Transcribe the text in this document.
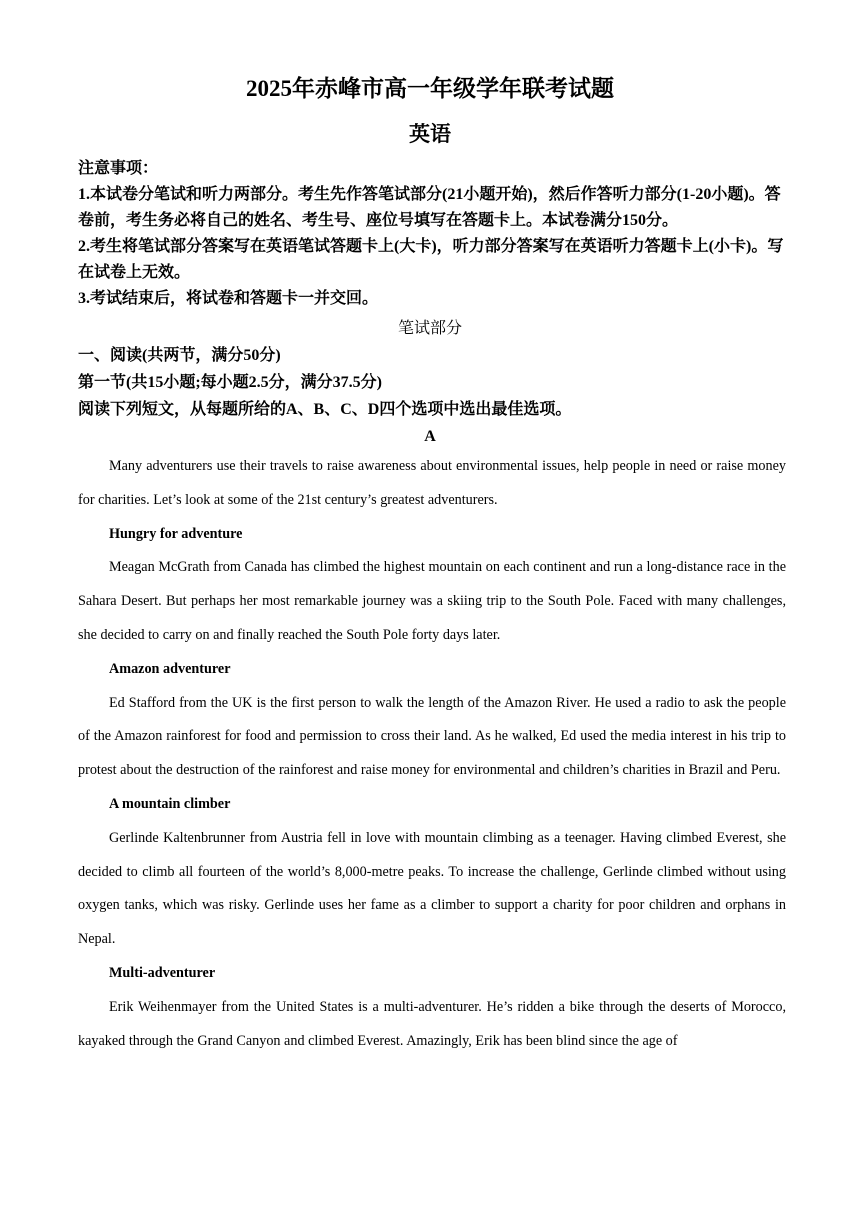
2025年赤峰市高一年级学年联考试题
英语

注意事项：

1.本试卷分笔试和听力两部分。考生先作答笔试部分(21小题开始)，然后作答听力部分(1-20小题)。答卷前，考生务必将自己的姓名、考生号、座位号填写在答题卡上。本试卷满分150分。

2.考生将笔试部分答案写在英语笔试答题卡上(大卡)，听力部分答案写在英语听力答题卡上(小卡)。写在试卷上无效。

3.考试结束后，将试卷和答题卡一并交回。

笔试部分
一、阅读(共两节，满分50分)
第一节(共15小题;每小题2.5分，满分37.5分)
阅读下列短文，从每题所给的A、B、C、D四个选项中选出最佳选项。
A

Many adventurers use their travels to raise awareness about environmental issues, help people in need or raise money for charities. Let’s look at some of the 21st century’s greatest adventurers.

Hungry for adventure

Meagan McGrath from Canada has climbed the highest mountain on each continent and run a long-distance race in the Sahara Desert. But perhaps her most remarkable journey was a skiing trip to the South Pole. Faced with many challenges, she decided to carry on and finally reached the South Pole forty days later.

Amazon adventurer

Ed Stafford from the UK is the first person to walk the length of the Amazon River. He used a radio to ask the people of the Amazon rainforest for food and permission to cross their land. As he walked, Ed used the media interest in his trip to protest about the destruction of the rainforest and raise money for environmental and children’s charities in Brazil and Peru.

A mountain climber

Gerlinde Kaltenbrunner from Austria fell in love with mountain climbing as a teenager. Having climbed Everest, she decided to climb all fourteen of the world’s 8,000-metre peaks. To increase the challenge, Gerlinde climbed without using oxygen tanks, which was risky. Gerlinde uses her fame as a climber to support a charity for poor children and orphans in Nepal.

Multi-adventurer

Erik Weihenmayer from the United States is a multi-adventurer. He’s ridden a bike through the deserts of Morocco, kayaked through the Grand Canyon and climbed Everest. Amazingly, Erik has been blind since the age of
